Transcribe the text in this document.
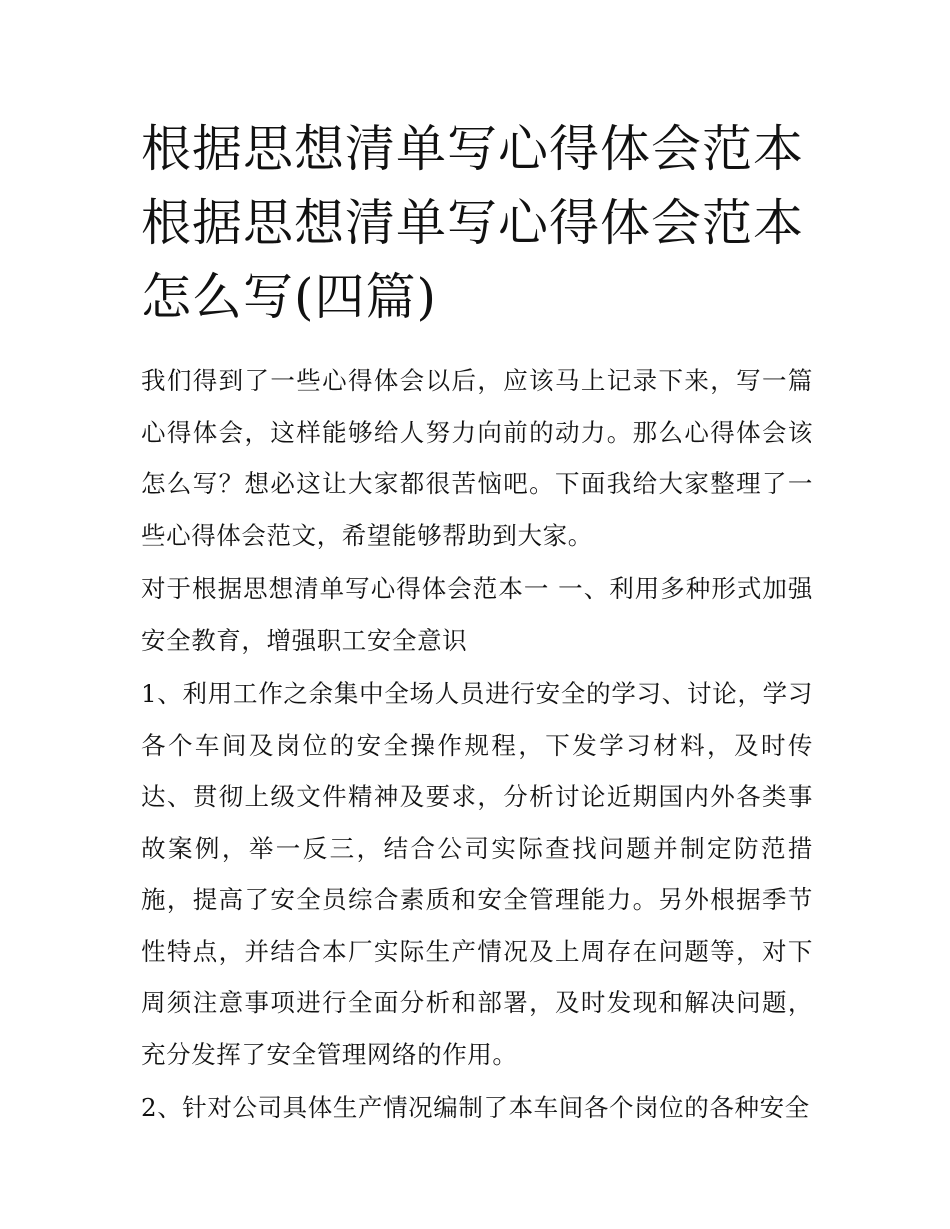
根据思想清单写心得体会范本
根据思想清单写心得体会范本
怎么写(四篇)

我们得到了一些心得体会以后，应该马上记录下来，写一篇心得体会，这样能够给人努力向前的动力。那么心得体会该怎么写？想必这让大家都很苦恼吧。下面我给大家整理了一些心得体会范文，希望能够帮助到大家。

对于根据思想清单写心得体会范本一 一、利用多种形式加强安全教育，增强职工安全意识

1、利用工作之余集中全场人员进行安全的学习、讨论，学习各个车间及岗位的安全操作规程，下发学习材料，及时传达、贯彻上级文件精神及要求，分析讨论近期国内外各类事故案例，举一反三，结合公司实际查找问题并制定防范措施，提高了安全员综合素质和安全管理能力。另外根据季节性特点，并结合本厂实际生产情况及上周存在问题等，对下周须注意事项进行全面分析和部署，及时发现和解决问题，充分发挥了安全管理网络的作用。

2、针对公司具体生产情况编制了本车间各个岗位的各种安全
